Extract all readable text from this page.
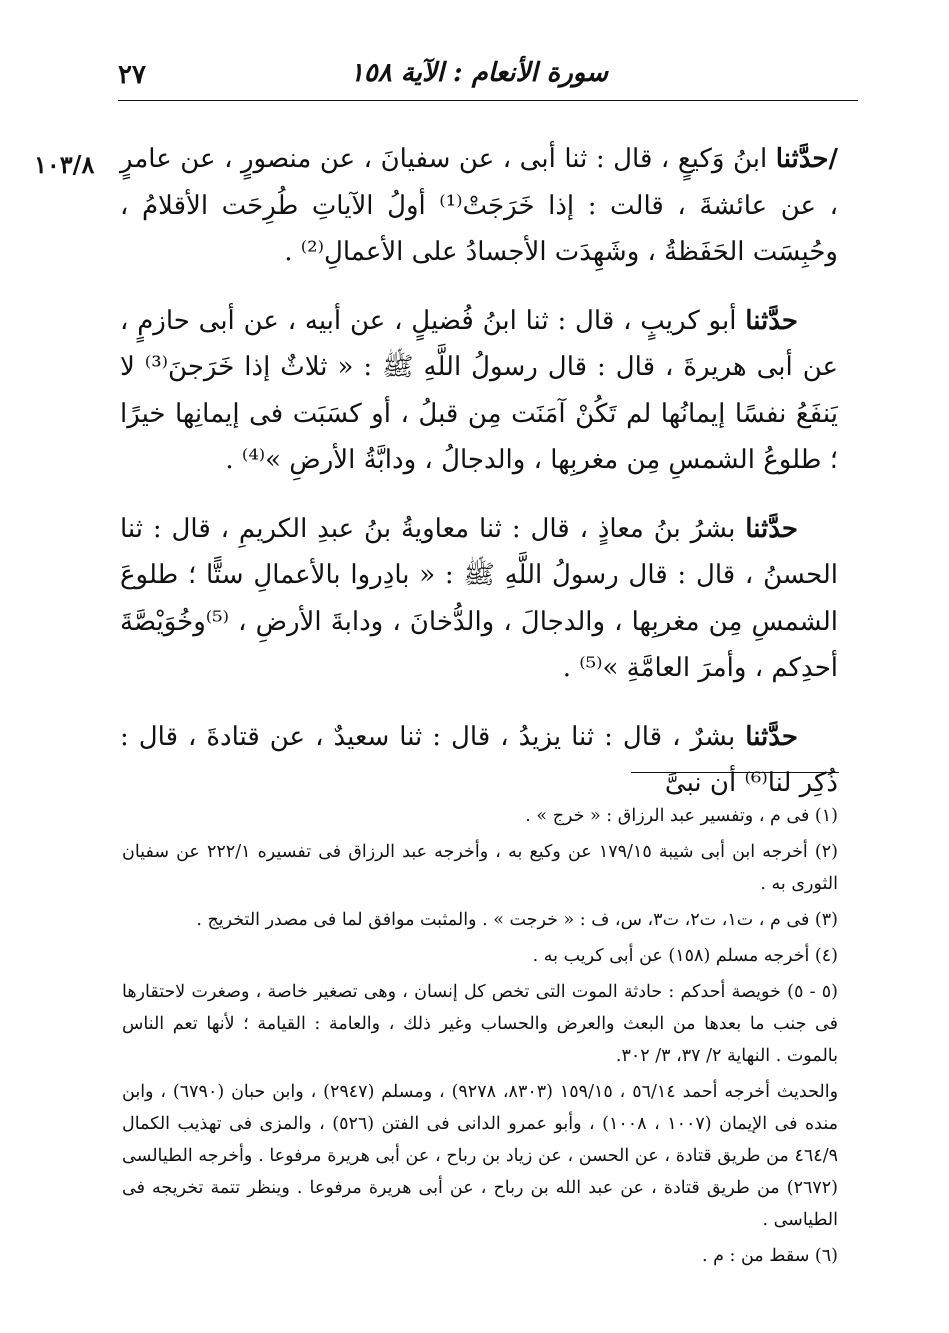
سورة الأنعام : الآية ١٥٨
٢٧
١٠٣/٨	/حدَّثنا ابنُ وَكيعٍ ، قال : ثنا أبى ، عن سفيانَ ، عن منصورٍ ، عن عامرٍ ، عن عائشةَ ، قالت : إذا خَرَجَتْ⁽¹⁾ أولُ الآياتِ طُرِحَت الأقلامُ ، وحُبِسَت الحَفَظةُ ، وشَهِدَت الأجسادُ على الأعمالِ⁽²⁾ .

حدَّثنا أبو كريبٍ ، قال : ثنا ابنُ فُضيلٍ ، عن أبيه ، عن أبى حازمٍ ، عن أبى هريرةَ ، قال : قال رسولُ اللَّهِ ﷺ : « ثلاثٌ إذا خَرَجنَ⁽³⁾ لا يَنفَعُ نفسًا إيمانُها لم تَكُنْ آمَنَت مِن قبلُ ، أو كسَبَت فى إيمانِها خيرًا ؛ طلوعُ الشمسِ مِن مغربِها ، والدجالُ ، ودابَّةُ الأرضِ »⁽⁴⁾ .

حدَّثنا بشرُ بنُ معاذٍ ، قال : ثنا معاويةُ بنُ عبدِ الكريمِ ، قال : ثنا الحسنُ ، قال : قال رسولُ اللَّهِ ﷺ : « بادِروا بالأعمالِ ستًّا ؛ طلوعَ الشمسِ مِن مغربِها ، والدجالَ ، والدُّخانَ ، ودابةَ الأرضِ ، ⁽⁵⁾وخُوَيْصَّةَ أحدِكم ، وأمرَ العامَّةِ »⁽⁵⁾ .

حدَّثنا بشرٌ ، قال : ثنا يزيدُ ، قال : ثنا سعيدٌ ، عن قتادةَ ، قال : ذُكِر لنا⁽⁶⁾ أن نبىَّ

(١) فى م ، وتفسير عبد الرزاق : « خرج » .

(٢) أخرجه ابن أبى شيبة ١٧٩/١٥ عن وكيع به ، وأخرجه عبد الرزاق فى تفسيره ٢٢٢/١ عن سفيان الثورى به .

(٣) فى م ، ت١، ت٢، ت٣، س، ف : « خرجت » . والمثبت موافق لما فى مصدر التخريج .

(٤) أخرجه مسلم (١٥٨) عن أبى كريب به .

(٥ - ٥) خويصة أحدكم : حادثة الموت التى تخص كل إنسان ، وهى تصغير خاصة ، وصغرت لاحتقارها فى جنب ما بعدها من البعث والعرض والحساب وغير ذلك ، والعامة : القيامة ؛ لأنها تعم الناس بالموت . النهاية ٢/ ٣٧، ٣/ ٣٠٢.

والحديث أخرجه أحمد ٥٦/١٤ ، ١٥٩/١٥ (٨٣٠٣، ٩٢٧٨) ، ومسلم (٢٩٤٧) ، وابن حبان (٦٧٩٠) ، وابن منده فى الإيمان (١٠٠٧ ، ١٠٠٨) ، وأبو عمرو الدانى فى الفتن (٥٢٦) ، والمزى فى تهذيب الكمال ٤٦٤/٩ من طريق قتادة ، عن الحسن ، عن زياد بن رباح ، عن أبى هريرة مرفوعا . وأخرجه الطيالسى (٢٦٧٢) من طريق قتادة ، عن عبد الله بن رباح ، عن أبى هريرة مرفوعا . وينظر تتمة تخريجه فى الطياسى .

(٦) سقط من : م .
